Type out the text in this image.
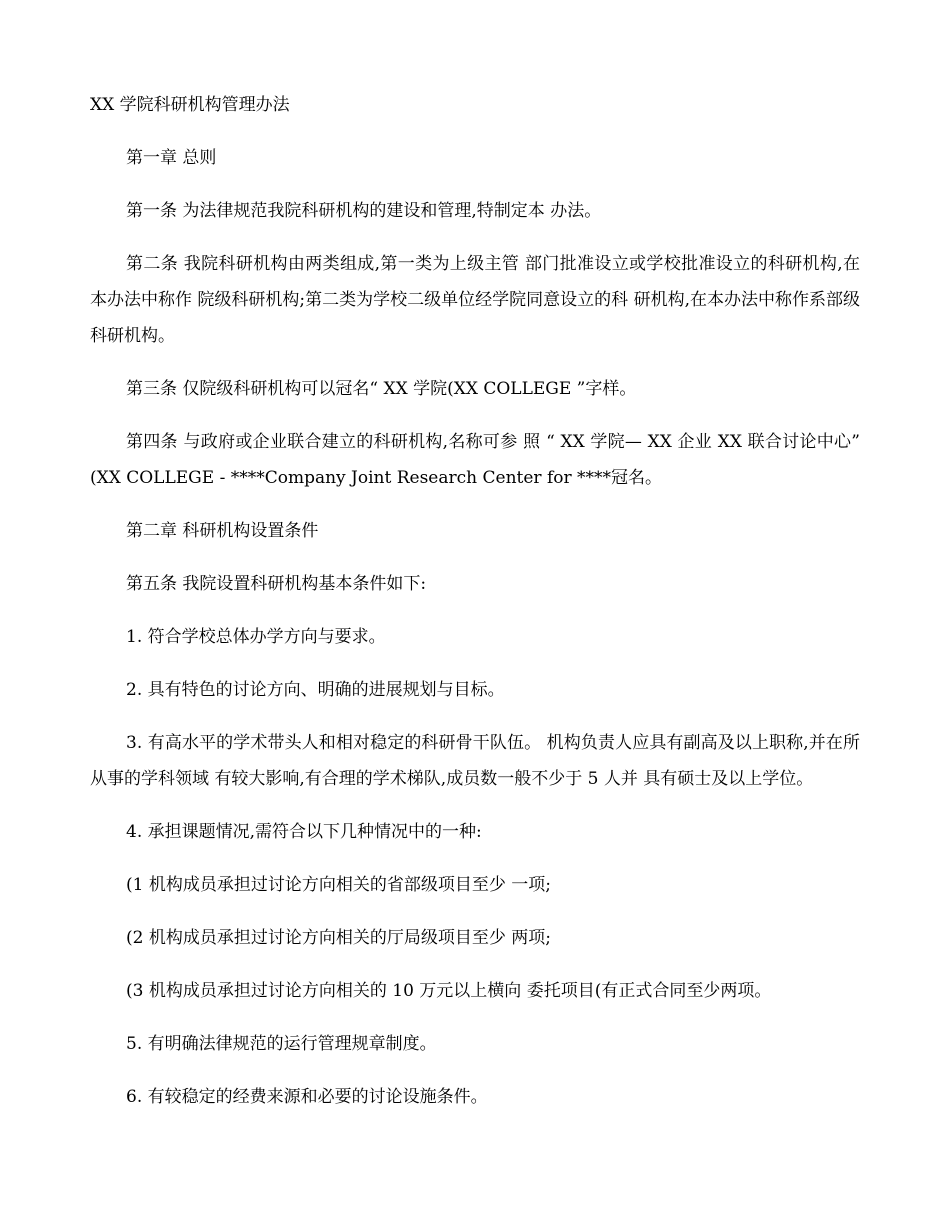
XX 学院科研机构管理办法

第一章 总则

第一条 为法律规范我院科研机构的建设和管理,特制定本 办法。

第二条 我院科研机构由两类组成,第一类为上级主管 部门批准设立或学校批准设立的科研机构,在本办法中称作 院级科研机构;第二类为学校二级单位经学院同意设立的科 研机构,在本办法中称作系部级科研机构。

第三条 仅院级科研机构可以冠名“ XX 学院(XX COLLEGE ”字样。

第四条 与政府或企业联合建立的科研机构,名称可参 照 “ XX 学院— XX 企业 XX 联合讨论中心” (XX COLLEGE - ****Company Joint Research Center for ****冠名。

第二章 科研机构设置条件

第五条 我院设置科研机构基本条件如下:

1. 符合学校总体办学方向与要求。

2. 具有特色的讨论方向、明确的进展规划与目标。

3. 有高水平的学术带头人和相对稳定的科研骨干队伍。 机构负责人应具有副高及以上职称,并在所从事的学科领域 有较大影响,有合理的学术梯队,成员数一般不少于 5 人并 具有硕士及以上学位。

4. 承担课题情况,需符合以下几种情况中的一种:

(1 机构成员承担过讨论方向相关的省部级项目至少 一项;

(2 机构成员承担过讨论方向相关的厅局级项目至少 两项;

(3 机构成员承担过讨论方向相关的 10 万元以上横向 委托项目(有正式合同至少两项。

5. 有明确法律规范的运行管理规章制度。

6. 有较稳定的经费来源和必要的讨论设施条件。
